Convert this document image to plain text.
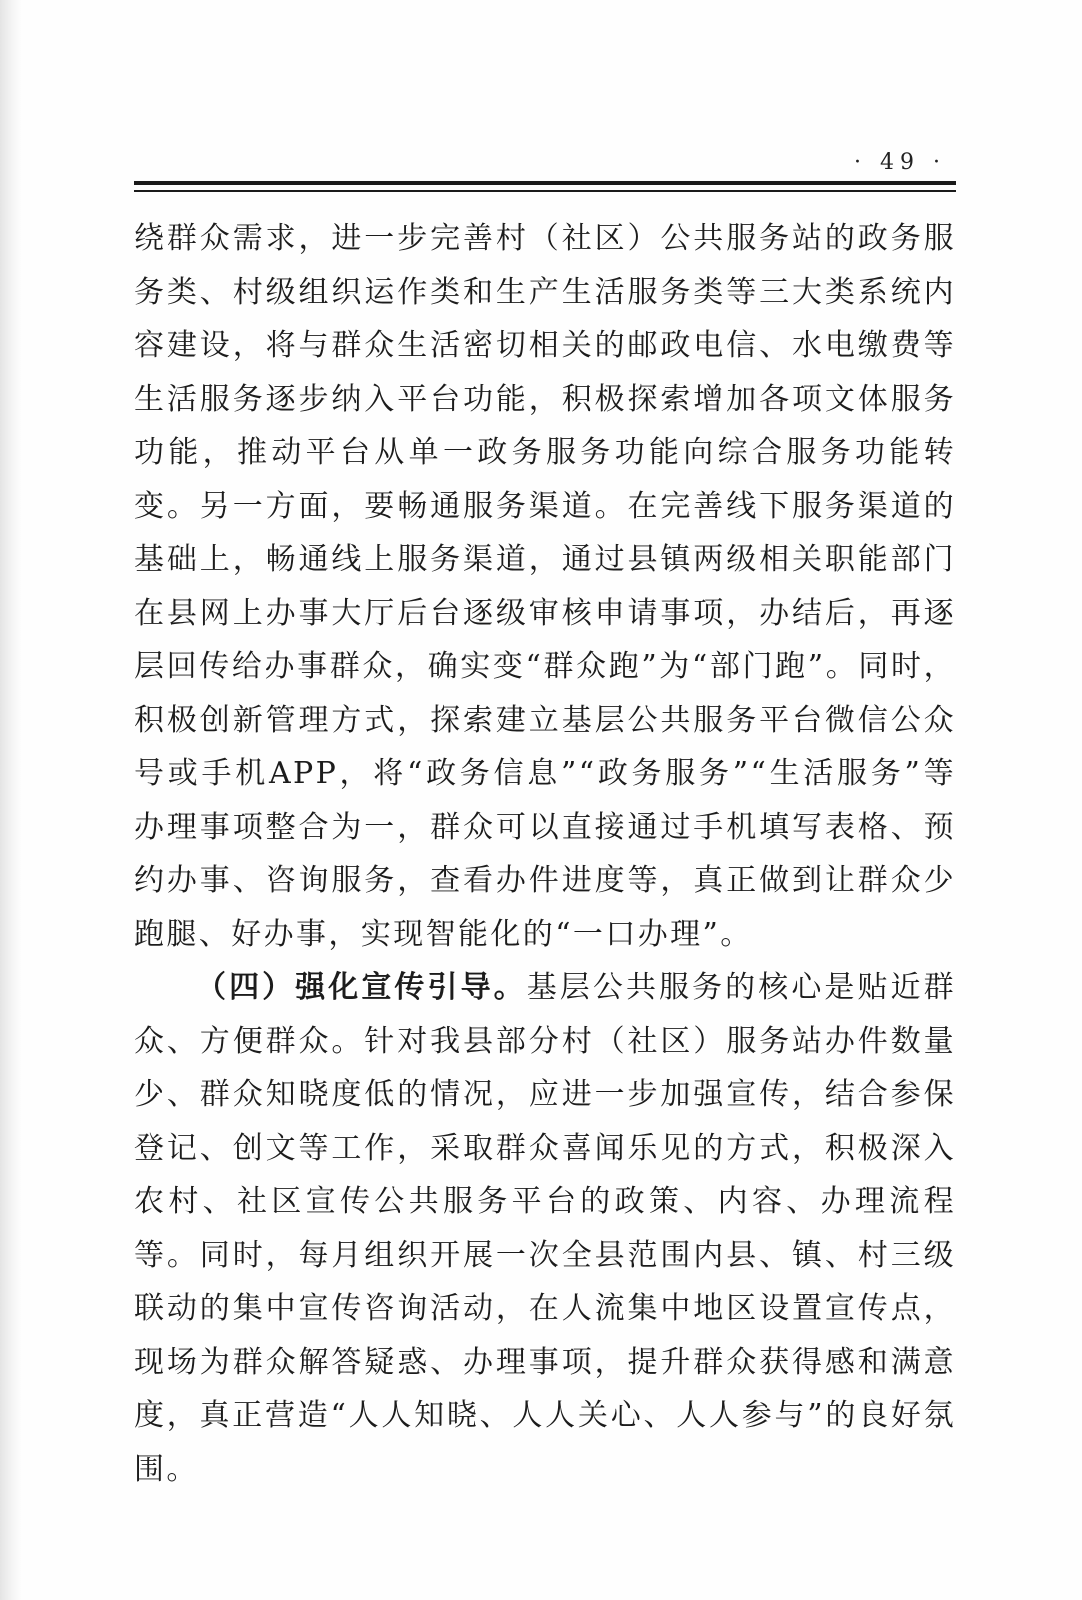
· 49 ·

绕群众需求，进一步完善村（社区）公共服务站的政务服务类、村级组织运作类和生产生活服务类等三大类系统内容建设，将与群众生活密切相关的邮政电信、水电缴费等生活服务逐步纳入平台功能，积极探索增加各项文体服务功能，推动平台从单一政务服务功能向综合服务功能转变。另一方面，要畅通服务渠道。在完善线下服务渠道的基础上，畅通线上服务渠道，通过县镇两级相关职能部门在县网上办事大厅后台逐级审核申请事项，办结后，再逐层回传给办事群众，确实变“群众跑”为“部门跑”。同时，积极创新管理方式，探索建立基层公共服务平台微信公众号或手机APP，将“政务信息”“政务服务”“生活服务”等办理事项整合为一，群众可以直接通过手机填写表格、预约办事、咨询服务，查看办件进度等，真正做到让群众少跑腿、好办事，实现智能化的“一口办理”。

（四）强化宣传引导。基层公共服务的核心是贴近群众、方便群众。针对我县部分村（社区）服务站办件数量少、群众知晓度低的情况，应进一步加强宣传，结合参保登记、创文等工作，采取群众喜闻乐见的方式，积极深入农村、社区宣传公共服务平台的政策、内容、办理流程等。同时，每月组织开展一次全县范围内县、镇、村三级联动的集中宣传咨询活动，在人流集中地区设置宣传点，现场为群众解答疑惑、办理事项，提升群众获得感和满意度，真正营造“人人知晓、人人关心、人人参与”的良好氛围。
